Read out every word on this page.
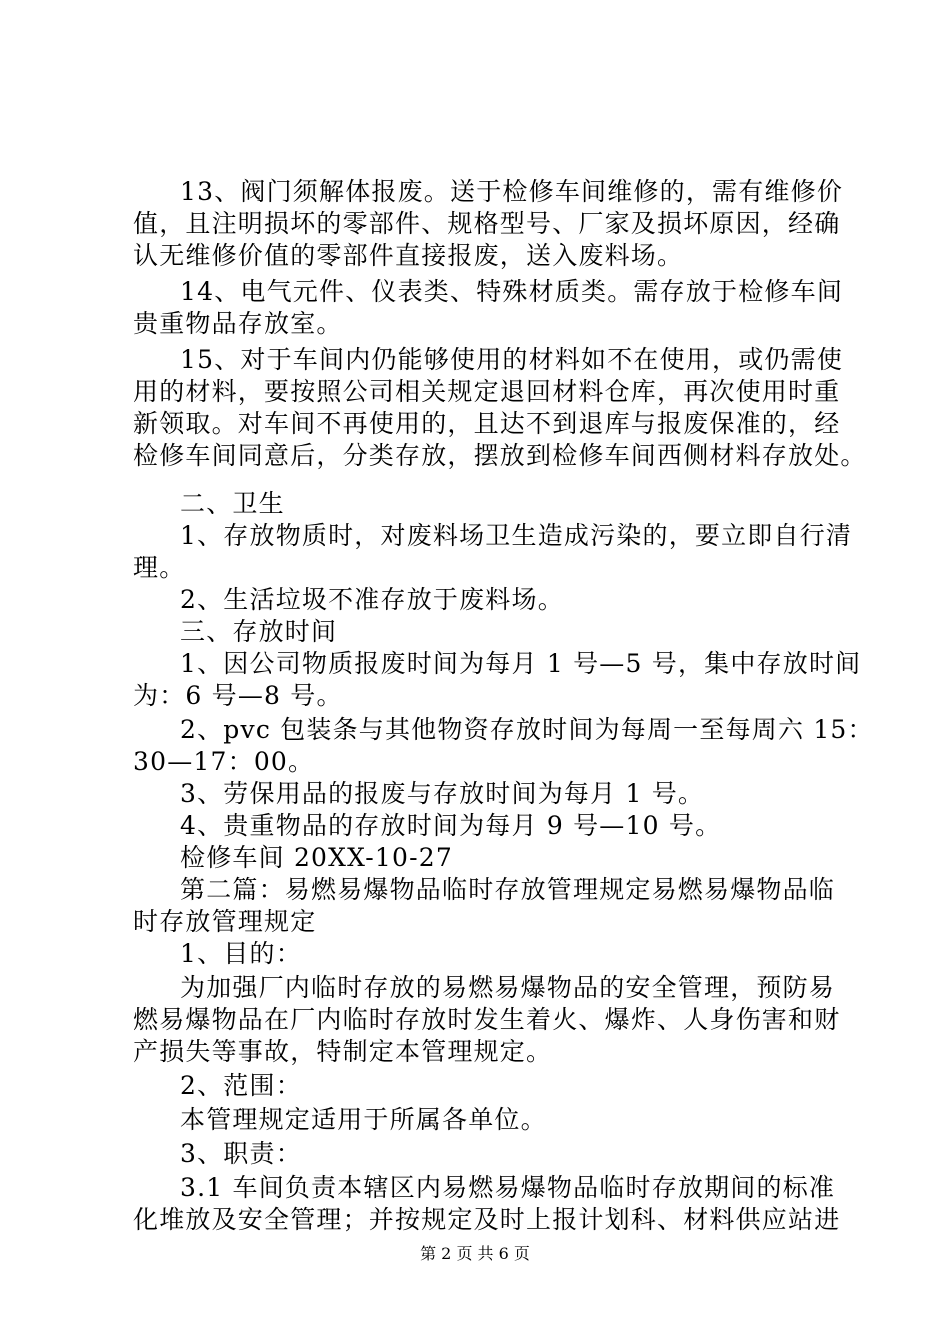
13、阀门须解体报废。送于检修车间维修的，需有维修价
值，且注明损坏的零部件、规格型号、厂家及损坏原因，经确
认无维修价值的零部件直接报废，送入废料场。
14、电气元件、仪表类、特殊材质类。需存放于检修车间
贵重物品存放室。
15、对于车间内仍能够使用的材料如不在使用，或仍需使
用的材料，要按照公司相关规定退回材料仓库，再次使用时重
新领取。对车间不再使用的，且达不到退库与报废保准的，经
检修车间同意后，分类存放，摆放到检修车间西侧材料存放处。
二、卫生
1、存放物质时，对废料场卫生造成污染的，要立即自行清
理。
2、生活垃圾不准存放于废料场。
三、存放时间
1、因公司物质报废时间为每月 1 号—5 号，集中存放时间
为：6 号—8 号。
2、pvc 包装条与其他物资存放时间为每周一至每周六 15：
30—17：00。
3、劳保用品的报废与存放时间为每月 1 号。
4、贵重物品的存放时间为每月 9 号—10 号。
检修车间 20XX-10-27
第二篇：易燃易爆物品临时存放管理规定易燃易爆物品临
时存放管理规定
1、目的：
为加强厂内临时存放的易燃易爆物品的安全管理，预防易
燃易爆物品在厂内临时存放时发生着火、爆炸、人身伤害和财
产损失等事故，特制定本管理规定。
2、范围：
本管理规定适用于所属各单位。
3、职责：
3.1 车间负责本辖区内易燃易爆物品临时存放期间的标准
化堆放及安全管理；并按规定及时上报计划科、材料供应站进
第 2 页 共 6 页
